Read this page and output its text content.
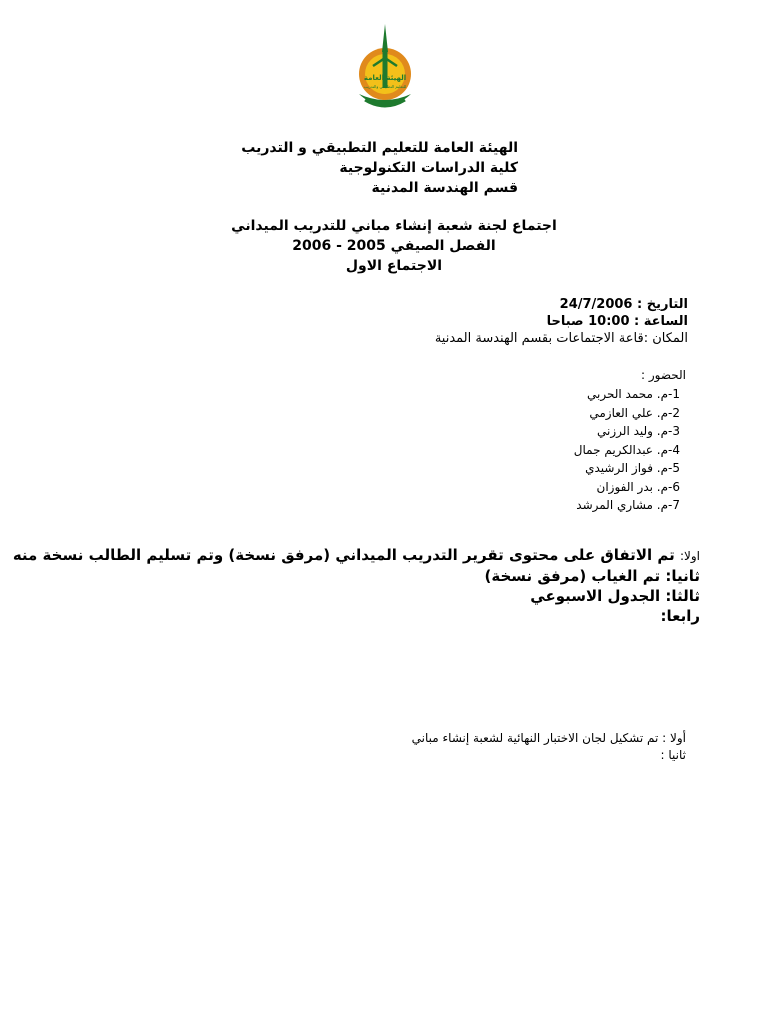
الهيئة العامة
للتعليم التطبيقي والتدريب
الهيئة العامة للتعليم التطبيقي و التدريب
كلية الدراسات التكنولوجية
قسم الهندسة المدنية
اجتماع لجنة شعبة إنشاء مباني للتدريب الميداني
الفصل الصيفي 2005 - 2006
الاجتماع الاول
التاريخ : 24/7/2006
الساعة : 10:00 صباحا
المكان :قاعة الاجتماعات بقسم الهندسة المدنية
الحضور :
1-م. محمد الحربي
2-م. علي العازمي
3-م. وليد الرزني
4-م. عبدالكريم جمال
5-م. فواز الرشيدي
6-م. بدر الفوزان
7-م. مشاري المرشد
اولا: تم الاتفاق على محتوى تقرير التدريب الميداني (مرفق نسخة) وتم تسليم الطالب نسخة منه
ثانيا: تم الغياب (مرفق نسخة)
ثالثا: الجدول الاسبوعي
رابعا:
أولا : تم تشكيل لجان الاختبار النهائية لشعبة إنشاء مباني
ثانيا :
